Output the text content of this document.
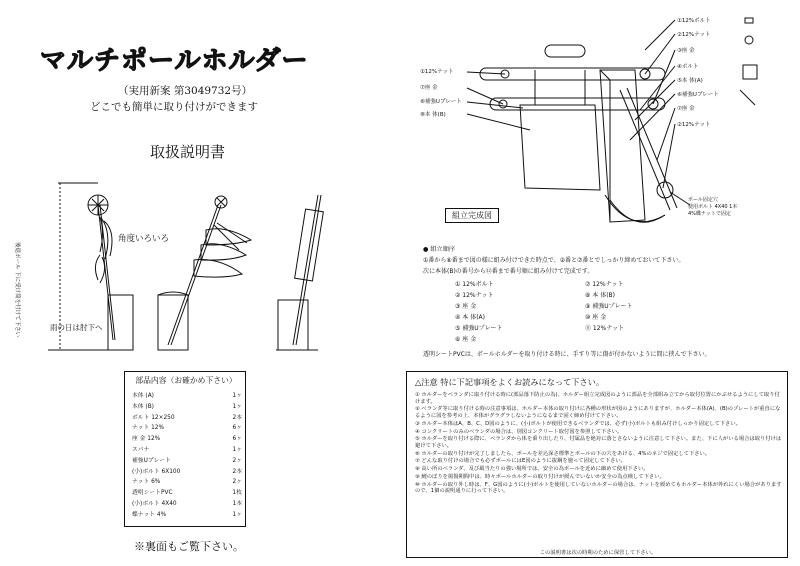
マルチポールホルダー
（実用新案 第3049732号）
どこでも簡単に取り付けができます
取扱説明書
角度いろいろ
雨の日は肘下へ
後退ポール 下に受け筒を付けて下さい
部品内容（お確かめ下さい）
本体 (A)	1ヶ
本体 (B)	1ヶ
ボルト 12×250	2本
ナット 12%	6ヶ
座 金 12%	6ヶ
スパナ	1ヶ
補強Uプレート	2ヶ
(小)ボルト 6X100	2本
ナット 6%	2ヶ
透明シートPVC	1枚
(小)ボルト 4X40	1本
蝶ナット 4%	1ヶ
※裏面もご覧下さい。
①12%ナット
⑦座 金
⑥補強Uプレート
⑧本 体(B)
①12%ボルト
②12%ナット
③座 金
④ボルト
⑤本 体(A)
⑥補強Uプレート
⑦座 金
②12%ナット
組立完成図
ポール固定穴
使用ボルト 4X40 1本
4%蝶ナットで固定
● 組立順序
①番から⑧番まで図の様に組み付けできた時点で、②番と⑦番とでしっかり締めておいて下さい。
次に本体(B)の番号から⑫番まで番号順に組み付けて完成です。
① 12%ボルト
② 12%ナット
③ 座 金
④ 本 体(A)
⑤ 補強Uプレート
⑥ 座 金
⑦ 12%ナット
⑧ 本 体(B)
⑨ 補強Uプレート
⑩ 座 金
⑪ 12%ナット
透明シートPVCは、ポールホルダーを取り付ける時に、手すり等に傷が付かないように間に挟んで下さい。
△注意 特に下記事項をよくお読みになって下さい。
① ホルダーをベランダに取り付ける時に(部品落下防止の為)、ホルダー組立完成図のように部品を全部組み立てから取付位置にかぶせるようにして取り付けます。
② ベランダ等に取り付ける時の注意事項は、ホルダー本体の取り付けに各種の形状が図のようにありますが、ホルダー本体(A)、(B)のプレートが重直になるように図を参考の上、本体がグラグラしないようになるまで固く締め付けて下さい。
③ ホルダー本体はA、B、C、D図のように、(小)ボルトが使用できるベランダでは、必ず(小)ボルトも組み付けしっかり固定して下さい。
④ コンクリートのみのベランダの場合は、別図コンクリート取付図を参照して下さい。
⑤ ホルダーを取り付ける際に、ベランダから体を乗り出したり、付属品を絶対に落とさないように注意して下さい。また、下に人がいる場合は取り付けは避けて下さい。
⑥ ホルダーの取り付けが完了しましたら、ポールを差込深さ標準とボールの下の穴をあける、4%のネジで固定して下さい。
⑦ どんな取り付けの場合でも必ずポールにはE図のように抜鋼を施って固定して下さい。
⑧ 高い所のベランダ、及び風当たりの強い場所では、安全の為ポールを近めに縮めて使用下さい。
⑨ 鯉のぼりを揚揚期間中は、時々ポールホルダーの取り付けが緩んでいないか安全の為点検して下さい。
⑩ ホルダーの取り外し時は、F、G図のように(小)ボルトを使用していないホルダーの場合は、ナットを緩めてもホルダー本体が外れにくい場合がありますので、1個の説明通りに行って下さい。
この説明書は次の時期のために保管して下さい。
